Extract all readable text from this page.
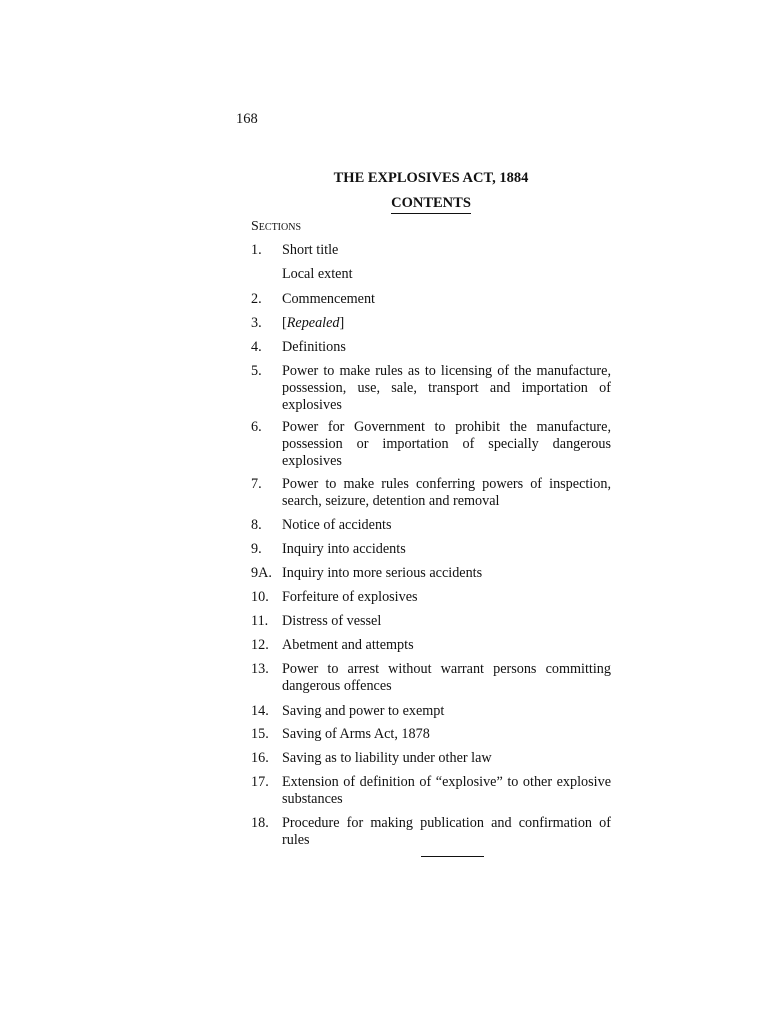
168
THE EXPLOSIVES ACT, 1884
CONTENTS
Sections
1. Short title
Local extent
2. Commencement
3. [Repealed]
4. Definitions
5. Power to make rules as to licensing of the manufacture, possession, use, sale, transport and importation of explosives
6. Power for Government to prohibit the manufacture, possession or importation of specially dangerous explosives
7. Power to make rules conferring powers of inspection, search, seizure, detention and removal
8. Notice of accidents
9. Inquiry into accidents
9A. Inquiry into more serious accidents
10. Forfeiture of explosives
11. Distress of vessel
12. Abetment and attempts
13. Power to arrest without warrant persons committing dangerous offences
14. Saving and power to exempt
15. Saving of Arms Act, 1878
16. Saving as to liability under other law
17. Extension of definition of “explosive” to other explosive substances
18. Procedure for making publication and confirmation of rules
